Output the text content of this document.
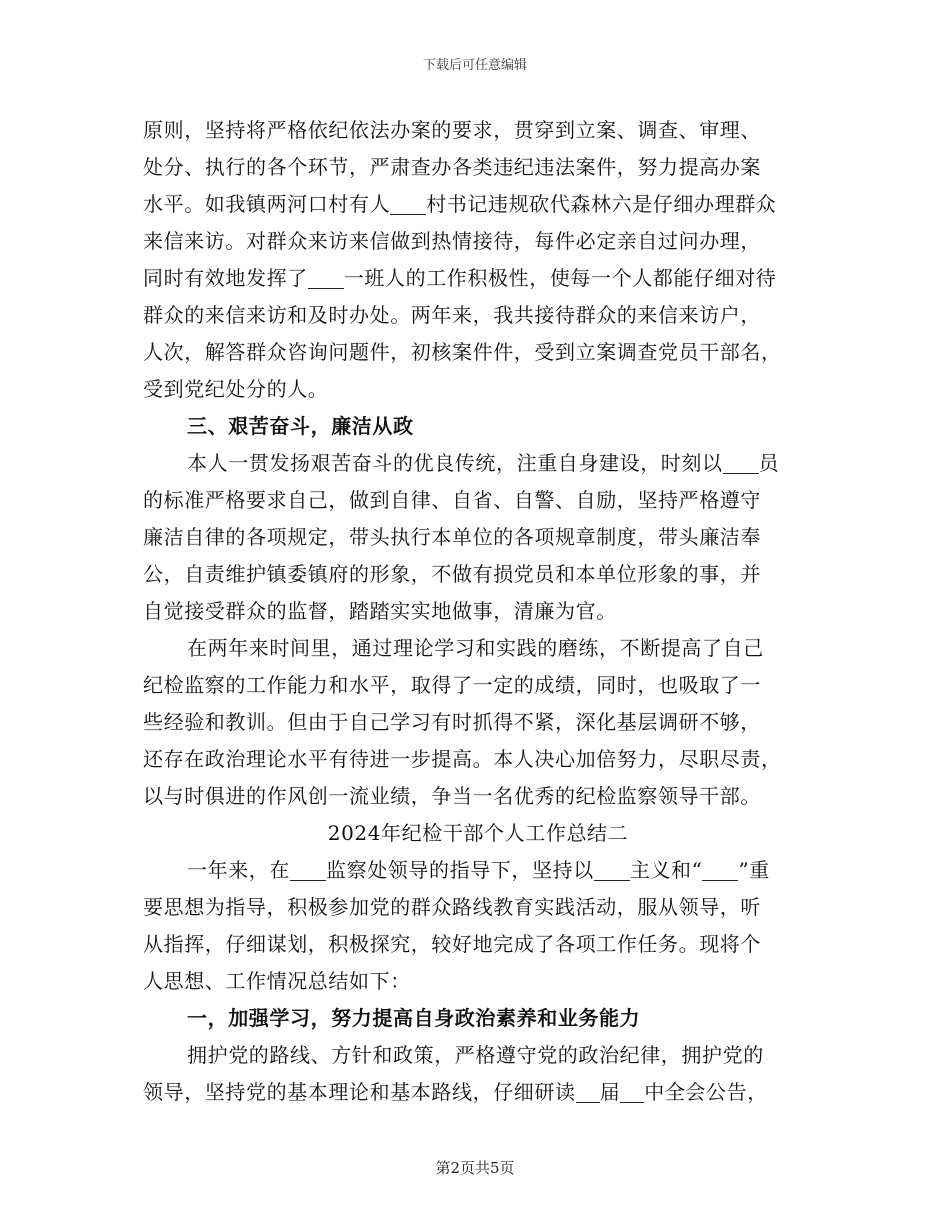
下载后可任意编辑
原则，坚持将严格依纪依法办案的要求，贯穿到立案、调查、审理、
处分、执行的各个环节，严肃查办各类违纪违法案件，努力提高办案
水平。如我镇两河口村有人 村书记违规砍代森林六是仔细办理群众
来信来访。对群众来访来信做到热情接待，每件必定亲自过问办理，
同时有效地发挥了 一班人的工作积极性，使每一个人都能仔细对待
群众的来信来访和及时办处。两年来，我共接待群众的来信来访户，
人次，解答群众咨询问题件，初核案件件，受到立案调查党员干部名，
受到党纪处分的人。
三、艰苦奋斗，廉洁从政
本人一贯发扬艰苦奋斗的优良传统，注重自身建设，时刻以 员
的标准严格要求自己，做到自律、自省、自警、自励，坚持严格遵守
廉洁自律的各项规定，带头执行本单位的各项规章制度，带头廉洁奉
公，自责维护镇委镇府的形象，不做有损党员和本单位形象的事，并
自觉接受群众的监督，踏踏实实地做事，清廉为官。
在两年来时间里，通过理论学习和实践的磨练，不断提高了自己
纪检监察的工作能力和水平，取得了一定的成绩，同时，也吸取了一
些经验和教训。但由于自己学习有时抓得不紧，深化基层调研不够，
还存在政治理论水平有待进一步提高。本人决心加倍努力，尽职尽责，
以与时俱进的作风创一流业绩，争当一名优秀的纪检监察领导干部。
2024年纪检干部个人工作总结二
一年来，在 监察处领导的指导下，坚持以 主义和“ ”重
要思想为指导，积极参加党的群众路线教育实践活动，服从领导，听
从指挥，仔细谋划，积极探究，较好地完成了各项工作任务。现将个
人思想、工作情况总结如下：
一，加强学习，努力提高自身政治素养和业务能力
拥护党的路线、方针和政策，严格遵守党的政治纪律，拥护党的
领导，坚持党的基本理论和基本路线，仔细研读 届 中全会公告，
第2页共5页
